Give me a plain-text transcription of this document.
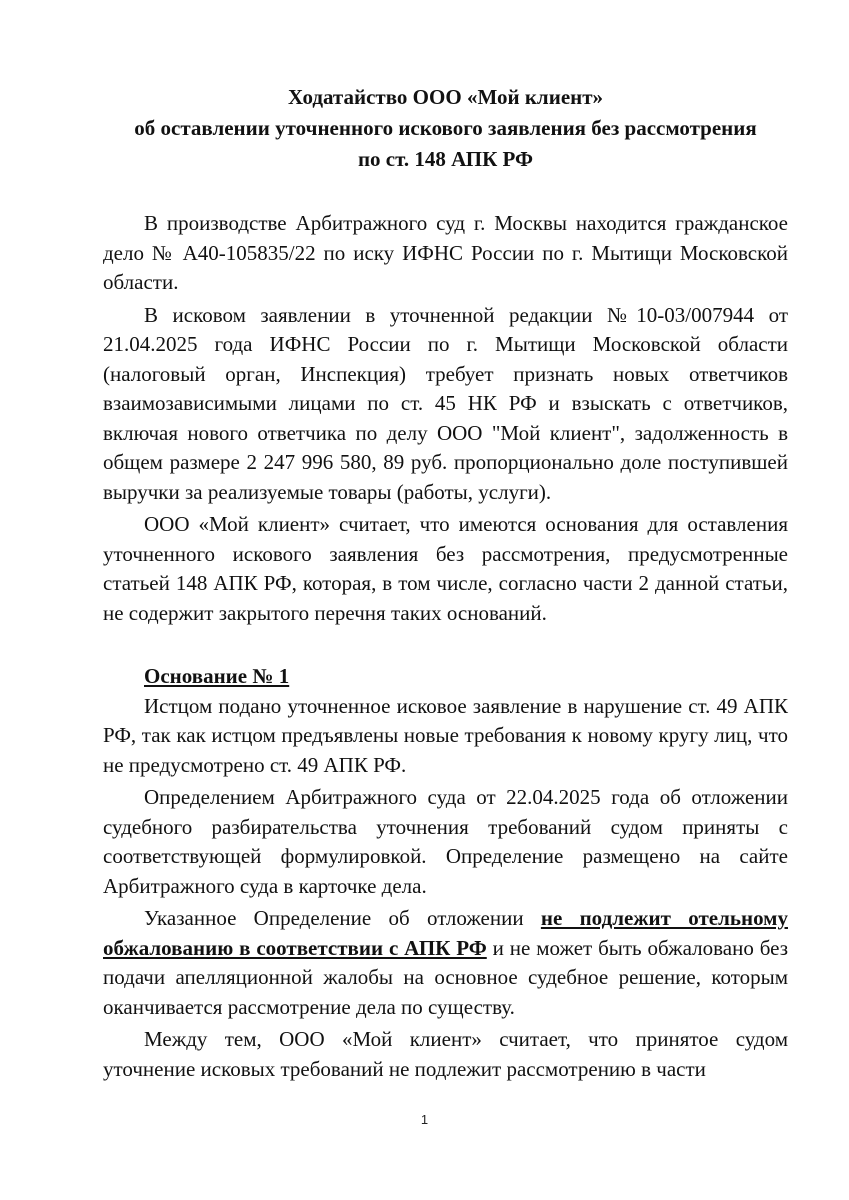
Ходатайство ООО «Мой клиент»
об оставлении уточненного искового заявления без рассмотрения
по ст. 148 АПК РФ

В производстве Арбитражного суд г. Москвы находится гражданское дело № А40-105835/22 по иску ИФНС России по г. Мытищи Московской области.

В исковом заявлении в уточненной редакции №10-03/007944 от 21.04.2025 года ИФНС России по г. Мытищи Московской области (налоговый орган, Инспекция) требует признать новых ответчиков взаимозависимыми лицами по ст. 45 НК РФ и взыскать с ответчиков, включая нового ответчика по делу ООО "Мой клиент", задолженность в общем размере 2 247 996 580, 89 руб. пропорционально доле поступившей выручки за реализуемые товары (работы, услуги).

ООО «Мой клиент» считает, что имеются основания для оставления уточненного искового заявления без рассмотрения, предусмотренные статьей 148 АПК РФ, которая, в том числе, согласно части 2 данной статьи, не содержит закрытого перечня таких оснований.

Основание № 1

Истцом подано уточненное исковое заявление в нарушение ст. 49 АПК РФ, так как истцом предъявлены новые требования к новому кругу лиц, что не предусмотрено ст. 49 АПК РФ.

Определением Арбитражного суда от 22.04.2025 года об отложении судебного разбирательства уточнения требований судом приняты с соответствующей формулировкой. Определение размещено на сайте Арбитражного суда в карточке дела.

Указанное Определение об отложении не подлежит отельному обжалованию в соответствии с АПК РФ и не может быть обжаловано без подачи апелляционной жалобы на основное судебное решение, которым оканчивается рассмотрение дела по существу.

Между тем, ООО «Мой клиент» считает, что принятое судом уточнение исковых требований не подлежит рассмотрению в части

1
